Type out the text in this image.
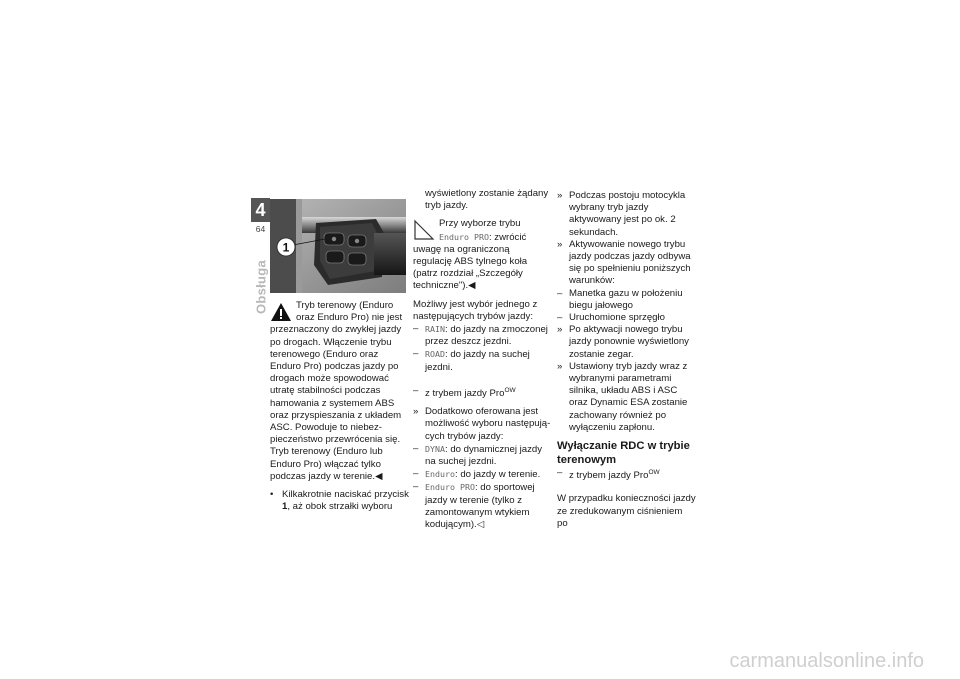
4
64
Obsługa
1

Tryb terenowy (Enduro oraz Enduro Pro) nie jest przeznaczony do zwykłej jazdy po drogach. Włączenie trybu terenowego (Enduro oraz Enduro Pro) podczas jazdy po drogach może spowodować utratę stabilności podczas hamowania z systemem ABS oraz przyspieszania z układem ASC. Powoduje to niebezpieczeństwo przewrócenia się. Tryb terenowy (Enduro lub Enduro Pro) włączać tylko podczas jazdy w terenie.◀

• Kilkakrotnie naciskać przycisk 1, aż obok strzałki wyboru

wyświetlony zostanie żądany tryb jazdy.

Przy wyborze trybu Enduro PRO: zwrócić uwagę na ograniczoną regulację ABS tylnego koła (patrz rozdział „Szczegóły techniczne").◀

Możliwy jest wybór jednego z następujących trybów jazdy:

– RAIN: do jazdy na zmoczonej przez deszcz jezdni.
– ROAD: do jazdy na suchej jezdni.
– z trybem jazdy Pro$^{OW}$
» Dodatkowo oferowana jest możliwość wyboru następujących trybów jazdy:
– DYNA: do dynamicznej jazdy na suchej jezdni.
– Enduro: do jazdy w terenie.
– Enduro PRO: do sportowej jazdy w terenie (tylko z zamontowanym wtykiem kodującym).◁
» Podczas postoju motocykla wybrany tryb jazdy aktywowany jest po ok. 2 sekundach.
» Aktywowanie nowego trybu jazdy podczas jazdy odbywa się po spełnieniu poniższych warunków:
– Manetka gazu w położeniu biegu jałowego
– Uruchomione sprzęgło
» Po aktywacji nowego trybu jazdy ponownie wyświetlony zostanie zegar.
» Ustawiony tryb jazdy wraz z wybranymi parametrami silnika, układu ABS i ASC oraz Dynamic ESA zostanie zachowany również po wyłączeniu zapłonu.
Wyłączanie RDC w trybie terenowym
– z trybem jazdy Pro$^{OW}$

W przypadku konieczności jazdy ze zredukowanym ciśnieniem po

carmanualsonline.info
